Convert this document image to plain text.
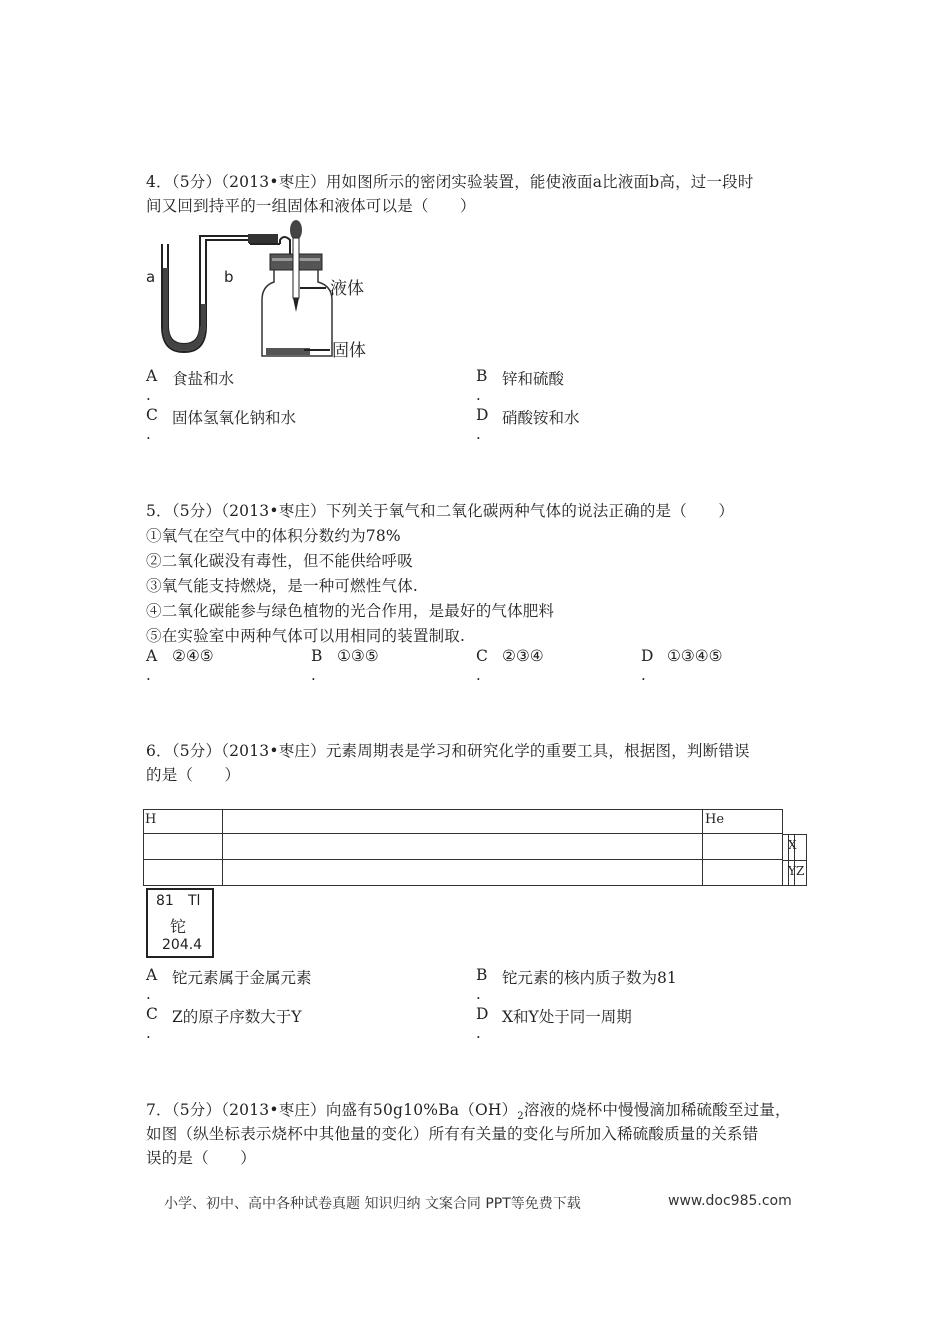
4．（5分）（2013•枣庄）用如图所示的密闭实验装置，能使液面a比液面b高，过一段时
间又回到持平的一组固体和液体可以是（　　）
a	b
液体
固体
A
.
食盐和水	B
.
锌和硫酸
C
.
固体氢氧化钠和水	D
.
硝酸铵和水
5．（5分）（2013•枣庄）下列关于氧气和二氧化碳两种气体的说法正确的是（　　）
①氧气在空气中的体积分数约为78%
②二氧化碳没有毒性，但不能供给呼吸
③氧气能支持燃烧，是一种可燃性气体.
④二氧化碳能参与绿色植物的光合作用，是最好的气体肥料
⑤在实验室中两种气体可以用相同的装置制取.
A
.
②④⑤	B
.
①③⑤	C
.
②③④	D
.
①③④⑤
6．（5分）（2013•枣庄）元素周期表是学习和研究化学的重要工具，根据图，判断错误
的是（　　）
H	He
X
Y Z
81 Tl
铊
204.4
A
.
铊元素属于金属元素	B
.
铊元素的核内质子数为81
C
.
Z的原子序数大于Y	D
.
X和Y处于同一周期
7．（5分）（2013•枣庄）向盛有$50g10\%Ba(OH)_2$溶液的烧杯中慢慢滴加稀硫酸至过量，
如图（纵坐标表示烧杯中其他量的变化）所有有关量的变化与所加入稀硫酸质量的关系错
误的是（　　）
小学、初中、高中各种试卷真题 知识归纳 文案合同 PPT等免费下载	www.doc985.com
